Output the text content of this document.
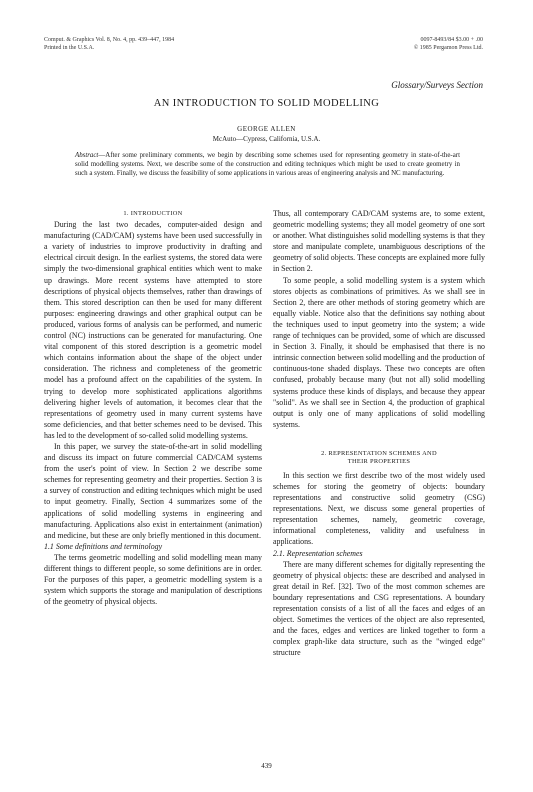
Comput. & Graphics Vol. 8, No. 4, pp. 439–447, 1984
Printed in the U.S.A.
0097-8493/84 $3.00 + .00
© 1985 Pergamon Press Ltd.
Glossary/Surveys Section
AN INTRODUCTION TO SOLID MODELLING
GEORGE ALLEN
McAuto—Cypress, California, U.S.A.
Abstract—After some preliminary comments, we begin by describing some schemes used for representing geometry in state-of-the-art solid modelling systems. Next, we describe some of the construction and editing techniques which might be used to create geometry in such a system. Finally, we discuss the feasibility of some applications in various areas of engineering analysis and NC manufacturing.

1. INTRODUCTION

During the last two decades, computer-aided design and manufacturing (CAD/CAM) systems have been used successfully in a variety of industries to improve productivity in drafting and electrical circuit design. In the earliest systems, the stored data were simply the two-dimensional graphical entities which went to make up drawings. More recent systems have attempted to store descriptions of physical objects themselves, rather than drawings of them. This stored description can then be used for many different purposes: engineering drawings and other graphical output can be produced, various forms of analysis can be performed, and numeric control (NC) instructions can be generated for manufacturing. One vital component of this stored description is a geometric model which contains information about the shape of the object under consideration. The richness and completeness of the geometric model has a profound affect on the capabilities of the system. In trying to develop more sophisticated applications algorithms delivering higher levels of automation, it becomes clear that the representations of geometry used in many current systems have some deficiencies, and that better schemes need to be devised. This has led to the development of so-called solid modelling systems.

In this paper, we survey the state-of-the-art in solid modelling and discuss its impact on future commercial CAD/CAM systems from the user's point of view. In Section 2 we describe some schemes for representing geometry and their properties. Section 3 is a survey of construction and editing techniques which might be used to input geometry. Finally, Section 4 summarizes some of the applications of solid modelling systems in engineering and manufacturing. Applications also exist in entertainment (animation) and medicine, but these are only briefly mentioned in this document.

1.1 Some definitions and terminology

The terms geometric modelling and solid modelling mean many different things to different people, so some definitions are in order. For the purposes of this paper, a geometric modelling system is a system which supports the storage and manipulation of descriptions of the geometry of physical objects.

Thus, all contemporary CAD/CAM systems are, to some extent, geometric modelling systems; they all model geometry of one sort or another. What distinguishes solid modelling systems is that they store and manipulate complete, unambiguous descriptions of the geometry of solid objects. These concepts are explained more fully in Section 2.

To some people, a solid modelling system is a system which stores objects as combinations of primitives. As we shall see in Section 2, there are other methods of storing geometry which are equally viable. Notice also that the definitions say nothing about the techniques used to input geometry into the system; a wide range of techniques can be provided, some of which are discussed in Section 3. Finally, it should be emphasised that there is no intrinsic connection between solid modelling and the production of continuous-tone shaded displays. These two concepts are often confused, probably because many (but not all) solid modelling systems produce these kinds of displays, and because they appear "solid". As we shall see in Section 4, the production of graphical output is only one of many applications of solid modelling systems.

2. REPRESENTATION SCHEMES AND
THEIR PROPERTIES

In this section we first describe two of the most widely used schemes for storing the geometry of objects: boundary representations and constructive solid geometry (CSG) representations. Next, we discuss some general properties of representation schemes, namely, geometric coverage, informational completeness, validity and usefulness in applications.

2.1. Representation schemes

There are many different schemes for digitally representing the geometry of physical objects: these are described and analysed in great detail in Ref. [32]. Two of the most common schemes are boundary representations and CSG representations. A boundary representation consists of a list of all the faces and edges of an object. Sometimes the vertices of the object are also represented, and the faces, edges and vertices are linked together to form a complex graph-like data structure, such as the "winged edge" structure

439
